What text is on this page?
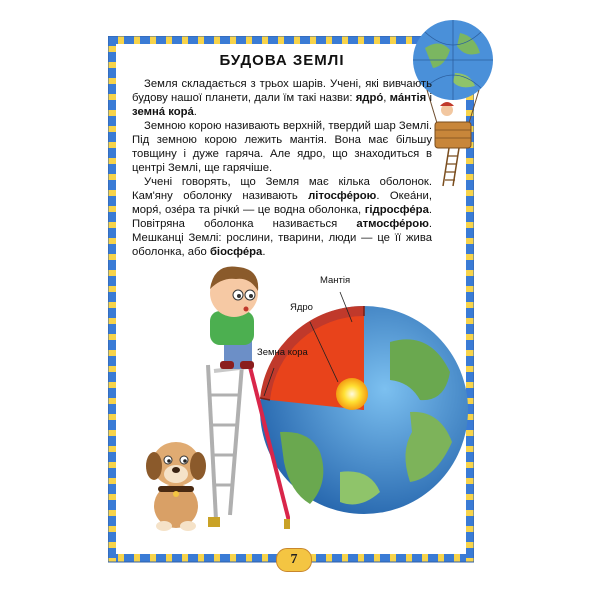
БУДОВА ЗЕМЛІ

Земля складається з трьох шарів. Учені, які вивчають будову нашої планети, дали їм такі назви: ядро́, ма́нтія і земна́ кора́.

Земною корою називають верхній, твердий шар Землі. Під земною корою лежить мантія. Вона має більшу товщину і дуже гаряча. Але ядро, що знаходиться в центрі Землі, ще гарячіше.

Учені говорять, що Земля має кілька оболонок. Кам'яну оболонку називають літосфе́рою. Океа́ни, моря́, озе́ра та річки́ — це водна оболонка, гідросфе́ра. Повітряна оболонка називається атмосфе́рою. Мешканці Землі: рослини, тварини, люди — це її жива оболонка, або біосфе́ра.

Мантія
Ядро
Земна кора
7
